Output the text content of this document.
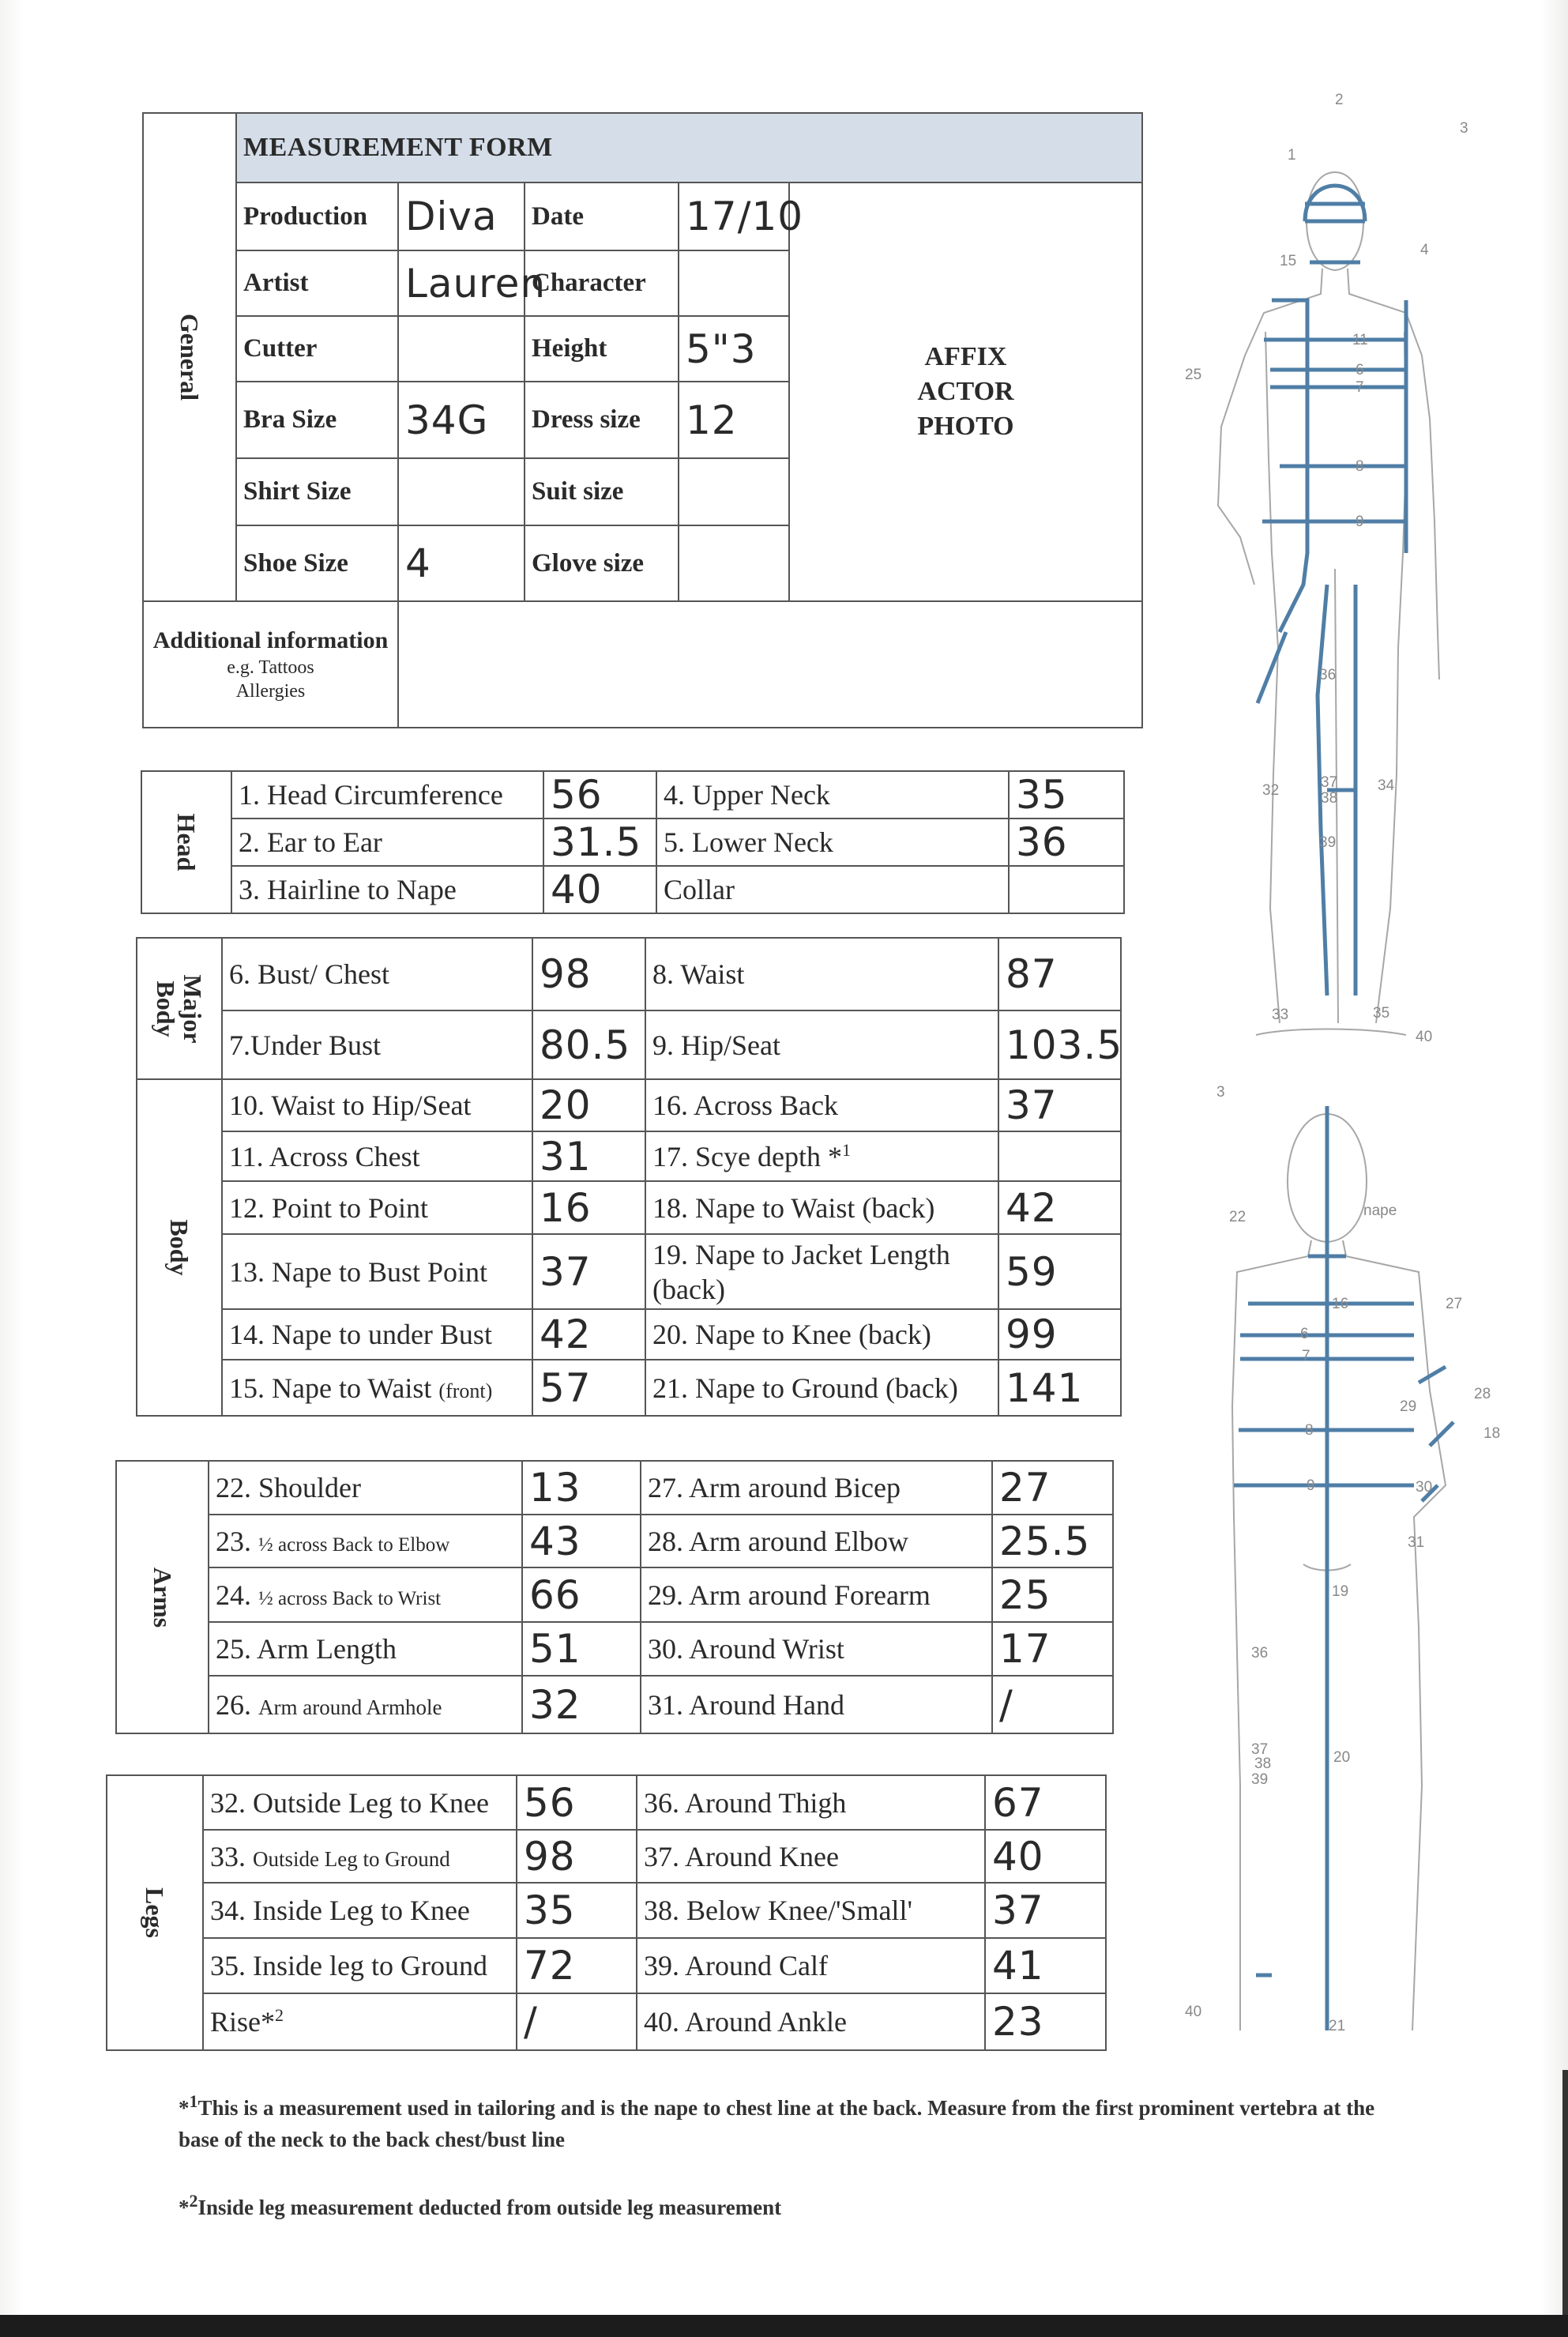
General	MEASUREMENT FORM				
	Production	Diva	Date	17/10	AFFIX
ACTOR
PHOTO

	Artist	Lauren	Character		
	Cutter		Height	5"3	
	Bra Size	34G	Dress size	12	
	Shirt Size		Suit size		
	Shoe Size	4	Glove size		

Additional information
e.g. Tattoos
Allergies					

Head	1. Head Circumference	56	4. Upper Neck	35
	2. Ear to Ear	31.5	5. Lower Neck	36
	3. Hairline to Nape	40	Collar	
Major
Body	6. Bust/ Chest	98	8. Waist	87
	7.Under Bust	80.5	9. Hip/Seat	103.5

Body	10. Waist to Hip/Seat	20	16. Across Back	37
	11. Across Chest	31	17. Scye depth *$^1$	
	12. Point to Point	16	18. Nape to Waist (back)	42
	13. Nape to Bust Point	37	19. Nape to Jacket Length (back)	59
	14. Nape to under Bust	42	20. Nape to Knee (back)	99
	15. Nape to Waist (front)	57	21. Nape to Ground (back)	141
Arms	22. Shoulder	13	27. Arm around Bicep	27
	23. ½ across Back to Elbow	43	28. Arm around Elbow	25.5
	24. ½ across Back to Wrist	66	29. Arm around Forearm	25
	25. Arm Length	51	30. Around Wrist	17
	26. Arm around Armhole	32	31. Around Hand	/
Legs	32. Outside Leg to Knee	56	36. Around Thigh	67
	33. Outside Leg to Ground	98	37. Around Knee	40
	34. Inside Leg to Knee	35	38. Below Knee/'Small'	37
	35. Inside leg to Ground	72	39. Around Calf	41
	Rise*$^2$	/	40. Around Ankle	23
*$^1$This is a measurement used in tailoring and is the nape to chest line at the back. Measure from the first prominent vertebra at the base of the neck to the back chest/bust line
*$^2$Inside leg measurement deducted from outside leg measurement
1
2
3
4
15
11
6
7
25
8
9
36
32	37
38
34
39
33	35
40
3
22	nape
16	27
6
7
28
29
18
8
9	30
31
19
36
37
38	20
39
40
21
